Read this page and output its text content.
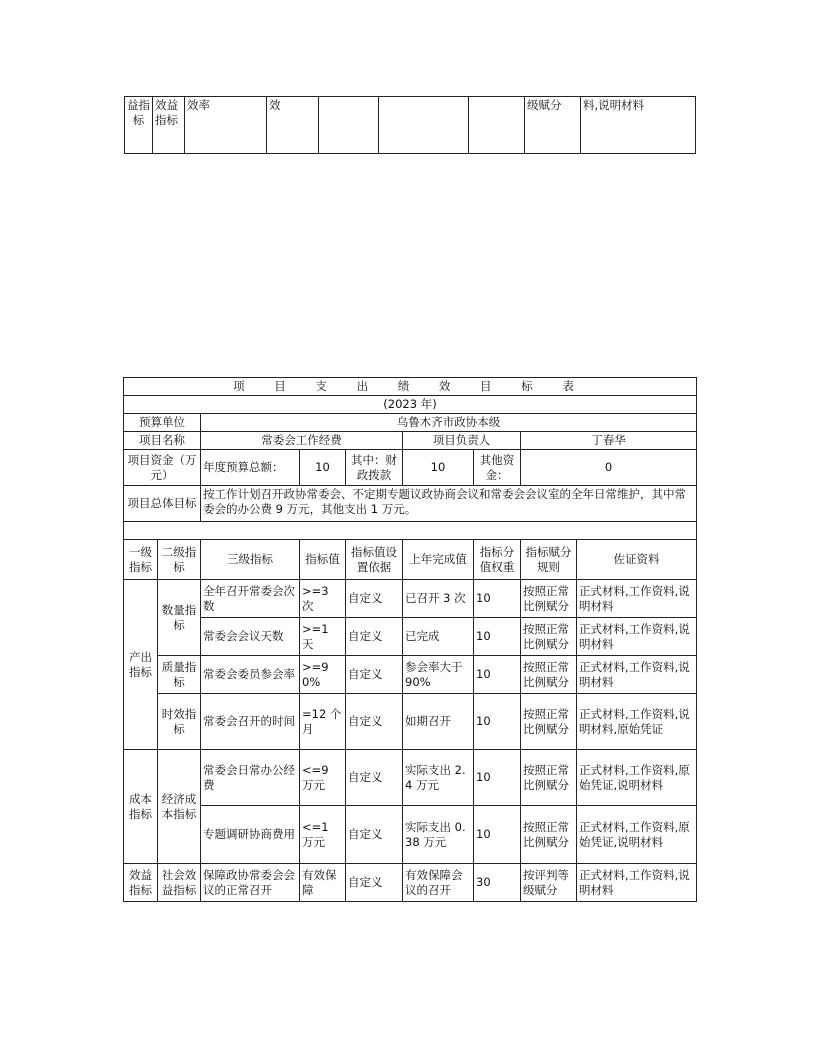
益指标	效益指标	效率	效				级赋分	料,说明材料
项 目 支 出 绩 效 目 标 表								
(2023 年)								
预算单位		乌鲁木齐市政协本级						
项目名称		常委会工作经费			项目负责人		丁春华	
项目资金（万元）		年度预算总额：	10	其中：财政拨款	10	其他资金：	0	
项目总体目标		按工作计划召开政协常委会、不定期专题议政协商会议和常委会会议室的全年日常维护，其中常委会的办公费 9 万元，其他支出 1 万元。						

一级指标	二级指标	三级指标	指标值	指标值设置依据	上年完成值	指标分值权重	指标赋分规则	佐证资料
产出指标	数量指标	全年召开常委会次数	>=3 次	自定义	已召开 3 次	10	按照正常比例赋分	正式材料,工作资料,说明材料
		常委会会议天数	>=1 天	自定义	已完成	10	按照正常比例赋分	正式材料,工作资料,说明材料
	质量指标	常委会委员参会率	>=90%	自定义	参会率大于 90%	10	按照正常比例赋分	正式材料,工作资料,说明材料
	时效指标	常委会召开的时间	=12 个月	自定义	如期召开	10	按照正常比例赋分	正式材料,工作资料,说明材料,原始凭证
成本指标	经济成本指标	常委会日常办公经费	<=9 万元	自定义	实际支出 2.4 万元	10	按照正常比例赋分	正式材料,工作资料,原始凭证,说明材料
		专题调研协商费用	<=1 万元	自定义	实际支出 0.38 万元	10	按照正常比例赋分	正式材料,工作资料,原始凭证,说明材料
效益指标	社会效益指标	保障政协常委会会议的正常召开	有效保障	自定义	有效保障会议的召开	30	按评判等级赋分	正式材料,工作资料,说明材料
